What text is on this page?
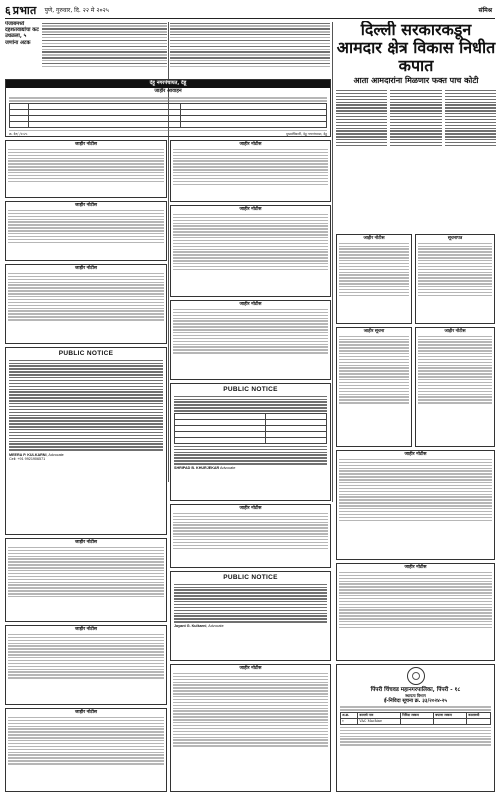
६ प्रभात पुणे, गुरुवार, दि. २२ मे २०२५	संमिश्र
पंजाबमध्ये दहशतवाद्यांचा कट उधळला, ५ जणांना अटक
देहू नगरपंचायत, देहू
जाहीर आवाहन

क्र. देन/ /२०२५	मुख्याधिकारी, देहू नगरपंचायत, देहू
दिल्ली सरकारकडून आमदार क्षेत्र विकास निधीत कपात
आता आमदारांना मिळणार फक्त पाच कोटी
जाहीर नोटीस
जाहीर नोटीस
जाहीर नोटीस
जाहीर नोटीस
PUBLIC NOTICE
MEERA P. KULKARNI, Advocate
Cell: +91 9921906571
जाहीर नोटीस
जाहीर नोटीस
जाहीर नोटीस
जाहीर नोटीस
जाहीर नोटीस
PUBLIC NOTICE

SHRIPAD B. KHURJEKAR Advocate
जाहीर नोटीस
PUBLIC NOTICE
Jayant G. Kulkarni, Advocate
जाहीर नोटीस	सूचनापत्र
जाहीर सूचना	जाहीर नोटीस
जाहीर नोटीस
पिंपरी चिंचवड महानगरपालिका, पिंपरी - १८
स्थापत्य विभाग
ई-निविदा सूचना क्र. ३३/२०२४-२५
अ.क्र.	कामाचे नाव	निविदा रक्कम	बयाणा रक्कम	कालावधी
१	VAC Machine			
जाहीर नोटीस
जाहीर नोटीस
